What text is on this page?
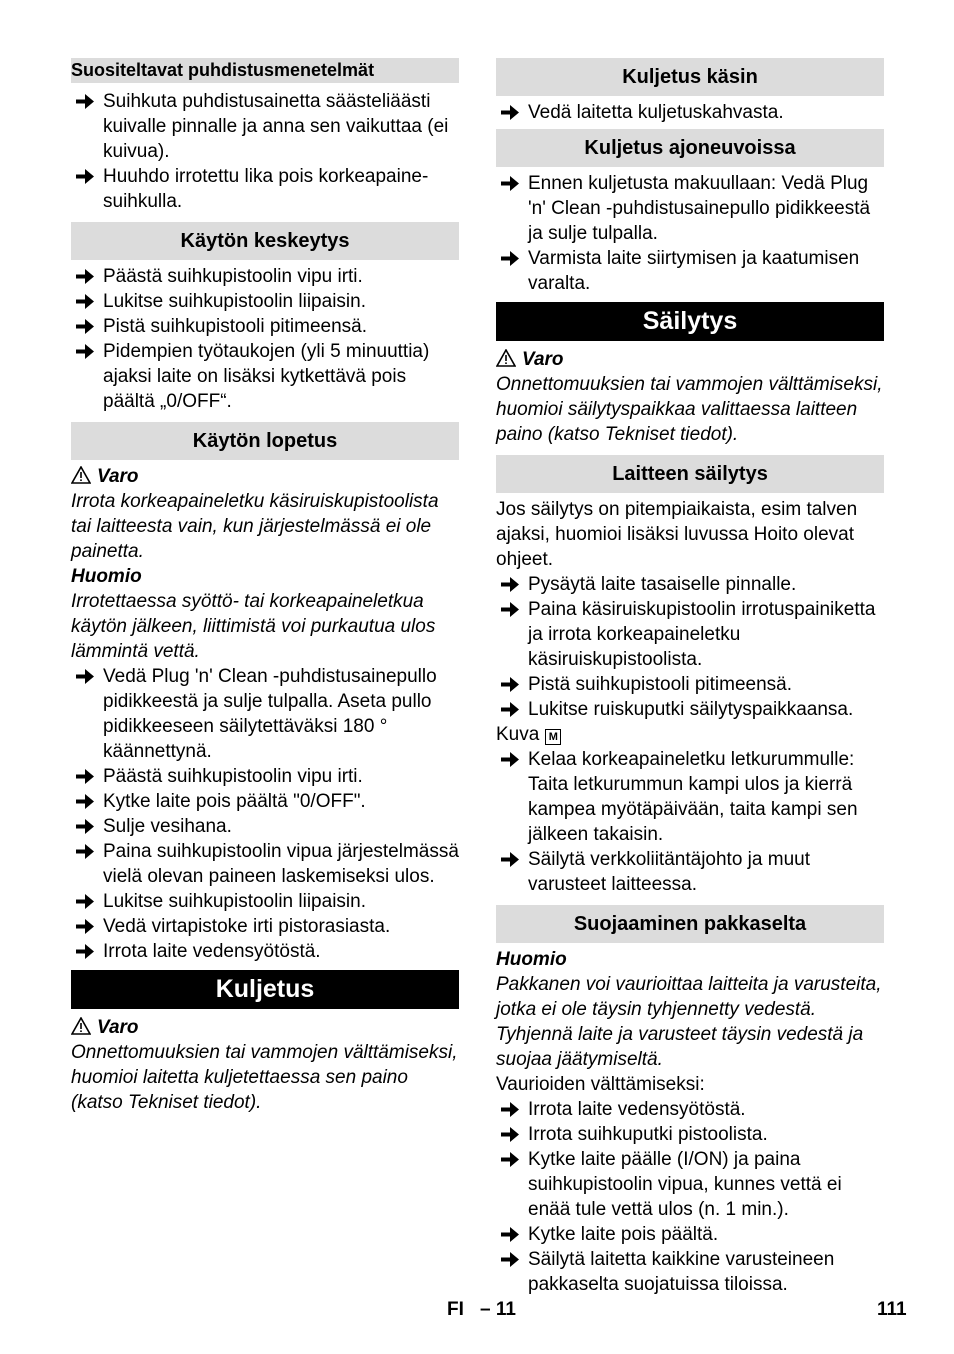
Suositeltavat puhdistusmenetelmät
Suihkuta puhdistusainetta säästeliäästi kuivalle pinnalle ja anna sen vaikuttaa (ei kuivua).
Huuhdo irrotettu lika pois korkeapaine-suihkulla.
Käytön keskeytys
Päästä suihkupistoolin vipu irti.
Lukitse suihkupistoolin liipaisin.
Pistä suihkupistooli pitimeensä.
Pidempien työtaukojen (yli 5 minuuttia) ajaksi laite on lisäksi kytkettävä pois päältä „0/OFF“.
Käytön lopetus
Varo
Irrota korkeapaineletku käsiruiskupistoolista tai laitteesta vain, kun järjestelmässä ei ole painetta.
Huomio
Irrotettaessa syöttö- tai korkeapaineletkua käytön jälkeen, liittimistä voi purkautua ulos lämmintä vettä.
Vedä Plug 'n' Clean -puhdistusainepullo pidikkeestä ja sulje tulpalla. Aseta pullo pidikkeeseen säilytettäväksi 180 ° käännettynä.
Päästä suihkupistoolin vipu irti.
Kytke laite pois päältä "0/OFF".
Sulje vesihana.
Paina suihkupistoolin vipua järjestelmässä vielä olevan paineen laskemiseksi ulos.
Lukitse suihkupistoolin liipaisin.
Vedä virtapistoke irti pistorasiasta.
Irrota laite vedensyötöstä.
Kuljetus
Varo
Onnettomuuksien tai vammojen välttämiseksi, huomioi laitetta kuljetettaessa sen paino (katso Tekniset tiedot).
Kuljetus käsin
Vedä laitetta kuljetuskahvasta.
Kuljetus ajoneuvoissa
Ennen kuljetusta makuullaan: Vedä Plug 'n' Clean -puhdistusainepullo pidikkeestä ja sulje tulpalla.
Varmista laite siirtymisen ja kaatumisen varalta.
Säilytys
Varo
Onnettomuuksien tai vammojen välttämiseksi, huomioi säilytyspaikkaa valittaessa laitteen paino (katso Tekniset tiedot).
Laitteen säilytys
Jos säilytys on pitempiaikaista, esim talven ajaksi, huomioi lisäksi luvussa Hoito olevat ohjeet.
Pysäytä laite tasaiselle pinnalle.
Paina käsiruiskupistoolin irrotuspainiketta ja irrota korkeapaineletku käsiruiskupistoolista.
Pistä suihkupistooli pitimeensä.
Lukitse ruiskuputki säilytyspaikkaansa.
Kuva M
Kelaa korkeapaineletku letkurummulle: Taita letkurummun kampi ulos ja kierrä kampea myötäpäivään, taita kampi sen jälkeen takaisin.
Säilytä verkkoliitäntäjohto ja muut varusteet laitteessa.
Suojaaminen pakkaselta
Huomio
Pakkanen voi vaurioittaa laitteita ja varusteita, jotka ei ole täysin tyhjennetty vedestä. Tyhjennä laite ja varusteet täysin vedestä ja suojaa jäätymiseltä.
Vaurioiden välttämiseksi:
Irrota laite vedensyötöstä.
Irrota suihkuputki pistoolista.
Kytke laite päälle (I/ON) ja paina suihkupistoolin vipua, kunnes vettä ei enää tule vettä ulos (n. 1 min.).
Kytke laite pois päältä.
Säilytä laitetta kaikkine varusteineen pakkaselta suojatuissa tiloissa.
FI – 11	111
